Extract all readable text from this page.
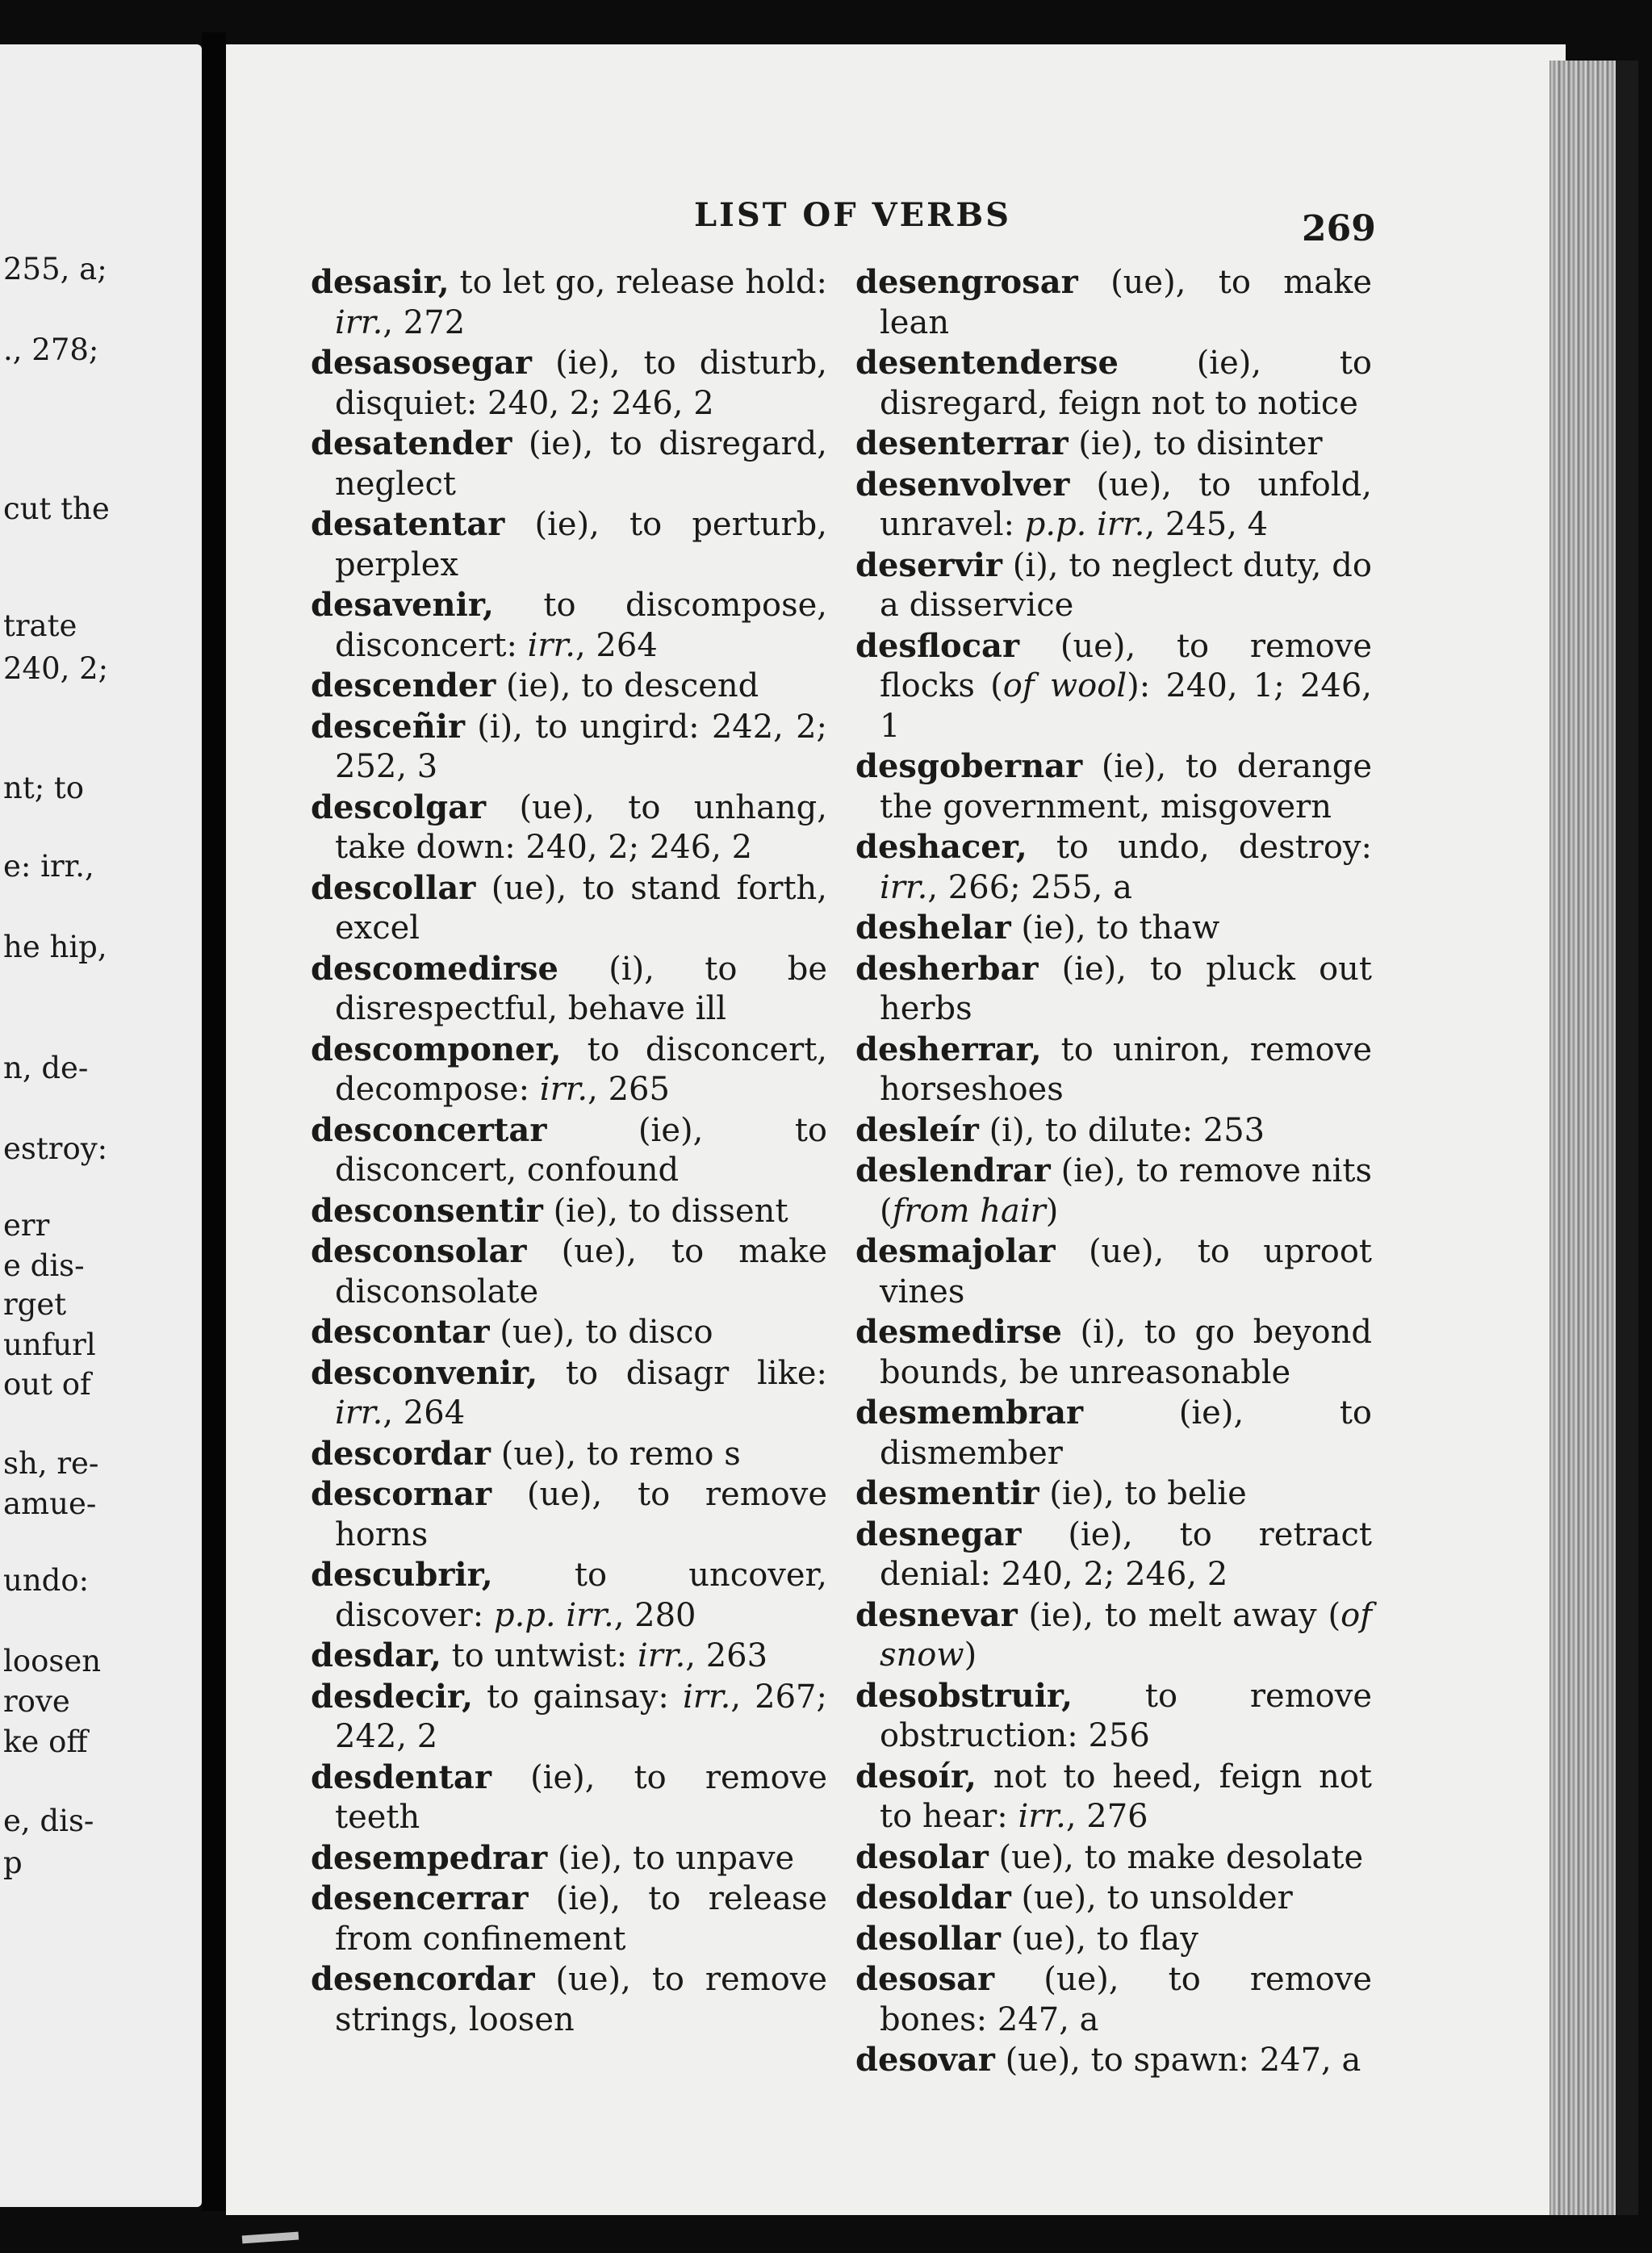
255, a;
., 278;
cut the
trate
240, 2;
nt; to
e: irr.,
he hip,
n, de-
estroy:
err
e dis-
rget
unfurl
out of
sh, re-
amue-
undo:
loosen
rove
ke off
e, dis-
p
LIST OF VERBS	269
desasir, to let go, release hold: irr., 272
desasosegar (ie), to disturb, disquiet: 240, 2; 246, 2
desatender (ie), to disregard, neglect
desatentar (ie), to perturb, perplex
desavenir, to discompose, disconcert: irr., 264
descender (ie), to descend
desceñir (i), to ungird: 242, 2; 252, 3
descolgar (ue), to unhang, take down: 240, 2; 246, 2
descollar (ue), to stand forth, excel
descomedirse (i), to be disrespectful, behave ill
descomponer, to disconcert, decompose: irr., 265
desconcertar (ie), to disconcert, confound
desconsentir (ie), to dissent
desconsolar (ue), to make disconsolate
descontar (ue), to disco
desconvenir, to disagr like: irr., 264
descordar (ue), to remo s
descornar (ue), to remove horns
descubrir, to uncover, discover: p.p. irr., 280
desdar, to untwist: irr., 263
desdecir, to gainsay: irr., 267; 242, 2
desdentar (ie), to remove teeth
desempedrar (ie), to unpave
desencerrar (ie), to release from confinement
desencordar (ue), to remove strings, loosen
desengrosar (ue), to make lean
desentenderse (ie), to disregard, feign not to notice
desenterrar (ie), to disinter
desenvolver (ue), to unfold, unravel: p.p. irr., 245, 4
deservir (i), to neglect duty, do a disservice
desflocar (ue), to remove flocks (of wool): 240, 1; 246, 1
desgobernar (ie), to derange the government, misgovern
deshacer, to undo, destroy: irr., 266; 255, a
deshelar (ie), to thaw
desherbar (ie), to pluck out herbs
desherrar, to uniron, remove horseshoes
desleír (i), to dilute: 253
deslendrar (ie), to remove nits (from hair)
desmajolar (ue), to uproot vines
desmedirse (i), to go beyond bounds, be unreasonable
desmembrar (ie), to dismember
desmentir (ie), to belie
desnegar (ie), to retract denial: 240, 2; 246, 2
desnevar (ie), to melt away (of snow)
desobstruir, to remove obstruction: 256
desoír, not to heed, feign not to hear: irr., 276
desolar (ue), to make desolate
desoldar (ue), to unsolder
desollar (ue), to flay
desosar (ue), to remove bones: 247, a
desovar (ue), to spawn: 247, a
